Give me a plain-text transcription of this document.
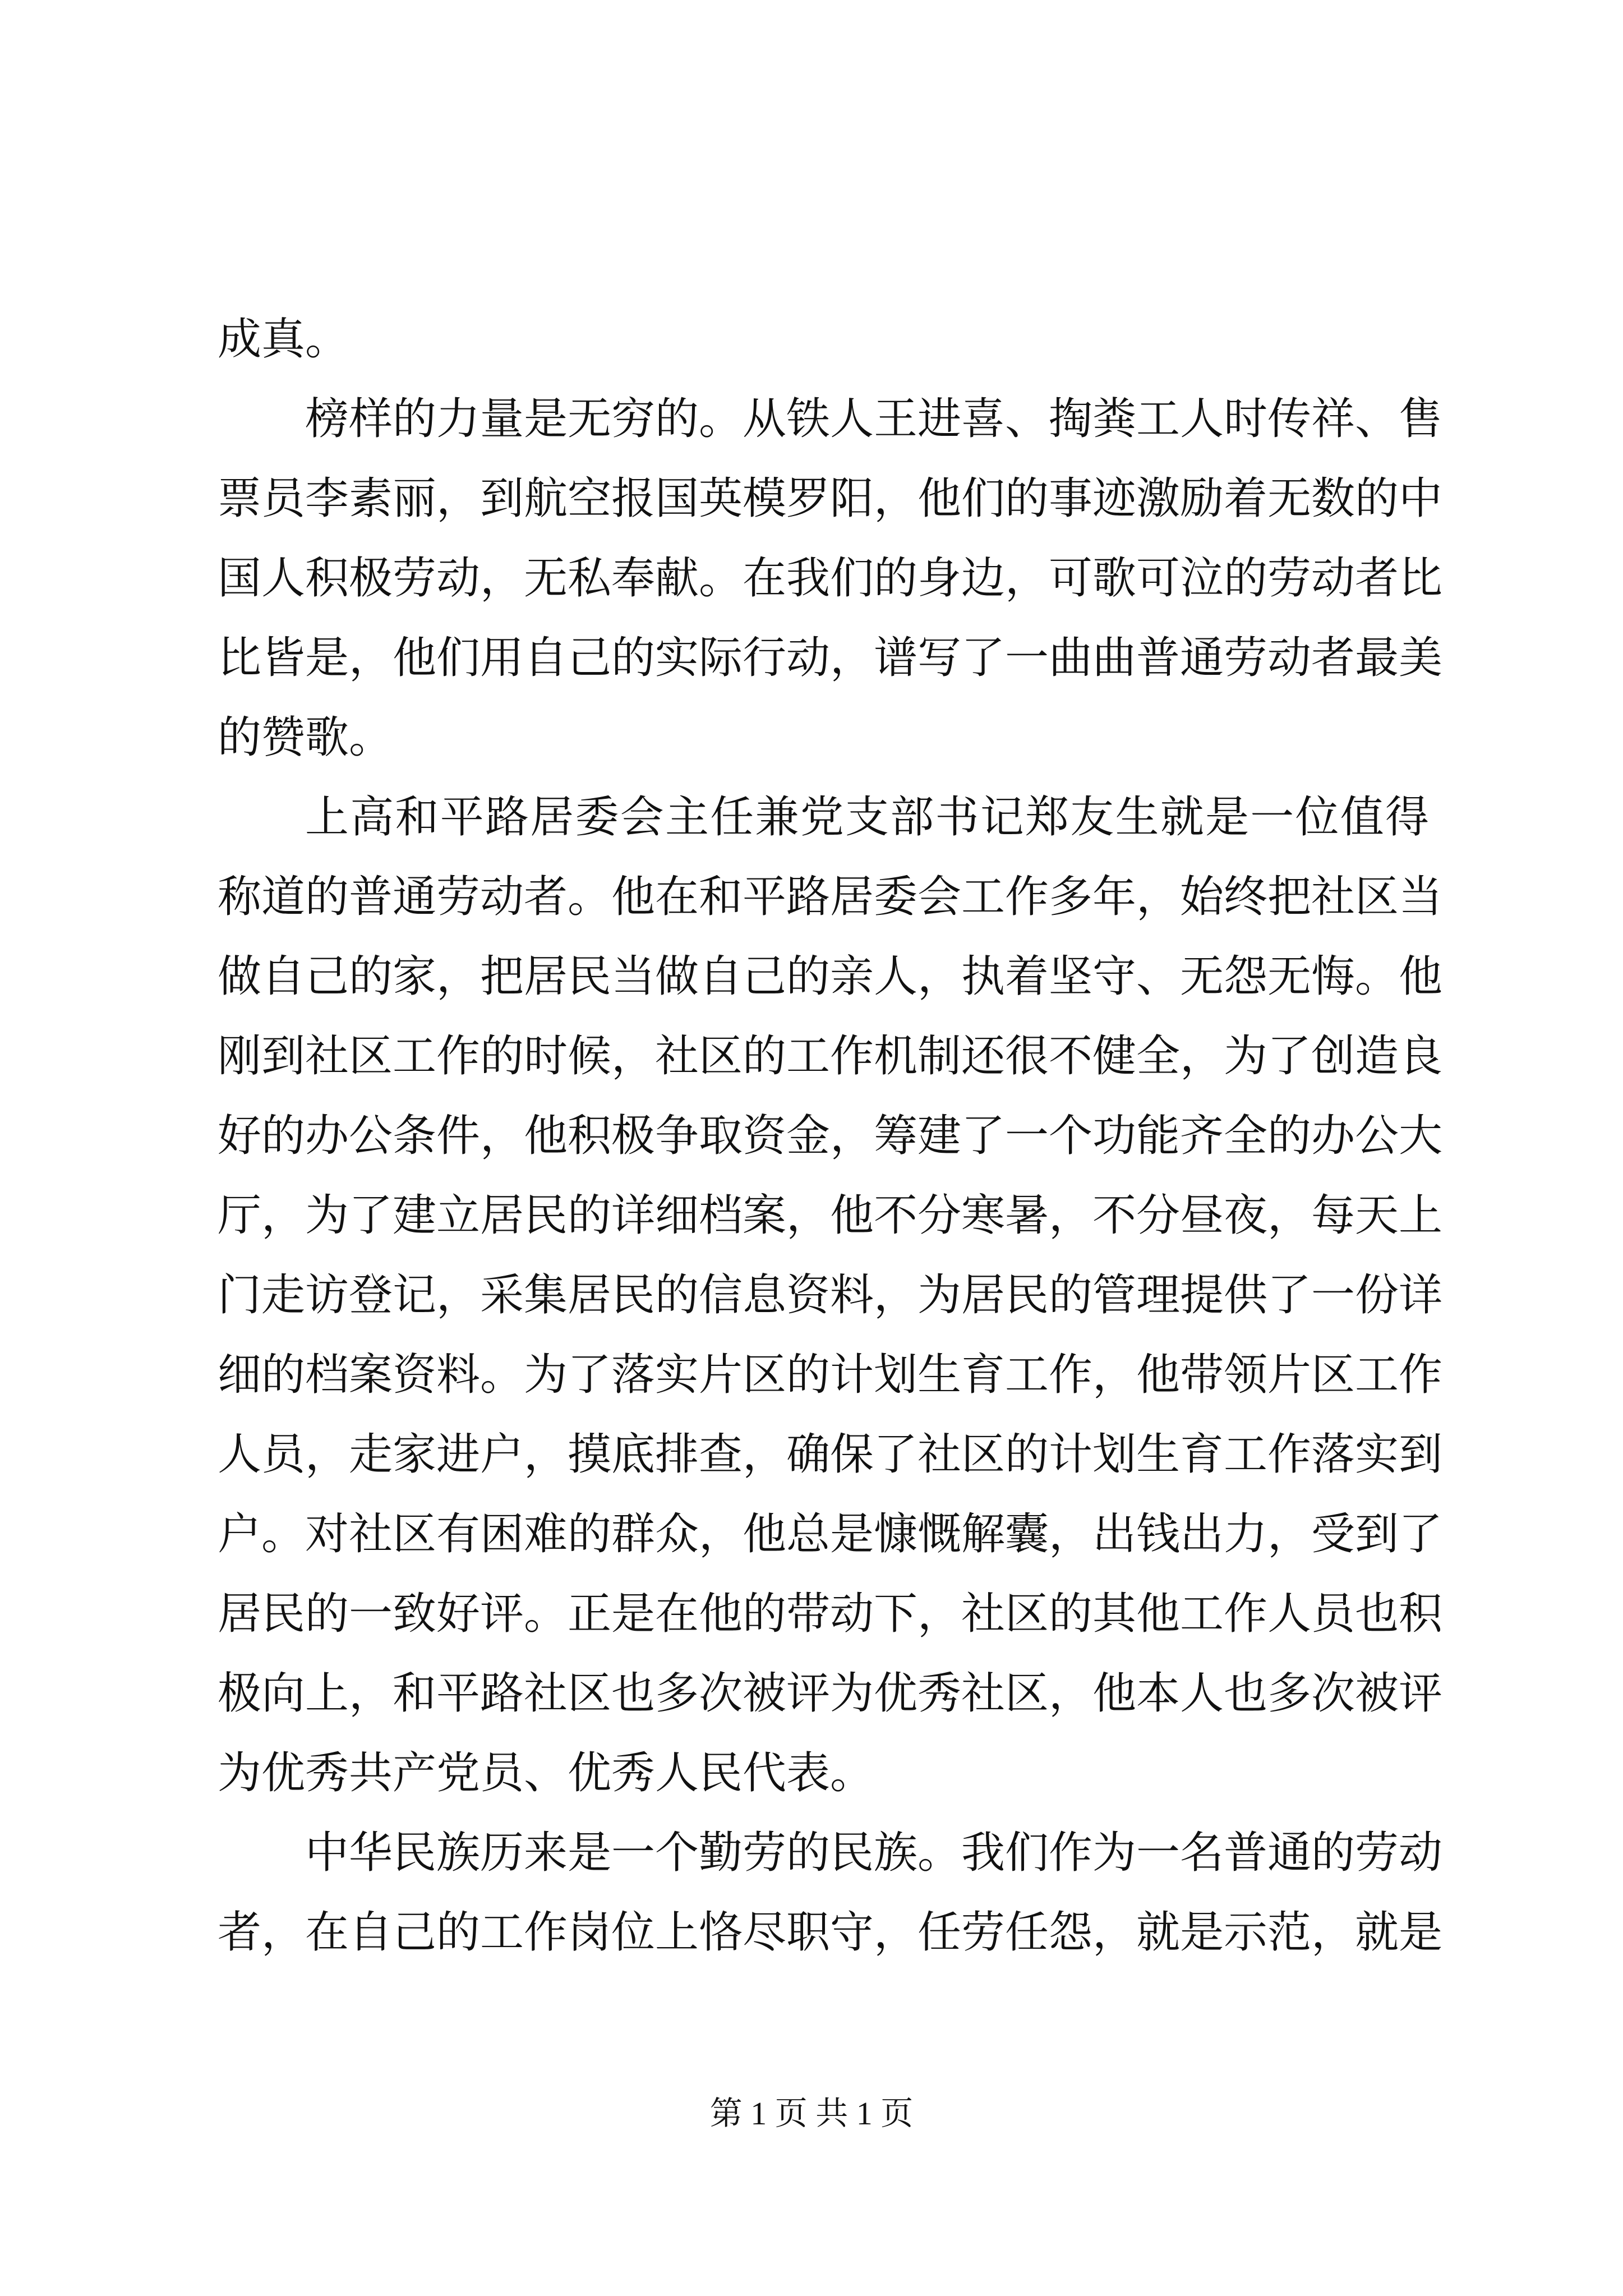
成真。
榜样的力量是无穷的。从铁人王进喜、掏粪工人时传祥、售
票员李素丽，到航空报国英模罗阳，他们的事迹激励着无数的中
国人积极劳动，无私奉献。在我们的身边，可歌可泣的劳动者比
比皆是，他们用自己的实际行动，谱写了一曲曲普通劳动者最美
的赞歌。
上高和平路居委会主任兼党支部书记郑友生就是一位值得
称道的普通劳动者。他在和平路居委会工作多年，始终把社区当
做自己的家，把居民当做自己的亲人，执着坚守、无怨无悔。他
刚到社区工作的时候，社区的工作机制还很不健全，为了创造良
好的办公条件，他积极争取资金，筹建了一个功能齐全的办公大
厅，为了建立居民的详细档案，他不分寒暑，不分昼夜，每天上
门走访登记，采集居民的信息资料，为居民的管理提供了一份详
细的档案资料。为了落实片区的计划生育工作，他带领片区工作
人员，走家进户，摸底排查，确保了社区的计划生育工作落实到
户。对社区有困难的群众，他总是慷慨解囊，出钱出力，受到了
居民的一致好评。正是在他的带动下，社区的其他工作人员也积
极向上，和平路社区也多次被评为优秀社区，他本人也多次被评
为优秀共产党员、优秀人民代表。
中华民族历来是一个勤劳的民族。我们作为一名普通的劳动
者，在自己的工作岗位上恪尽职守，任劳任怨，就是示范，就是
第 1 页 共 1 页
